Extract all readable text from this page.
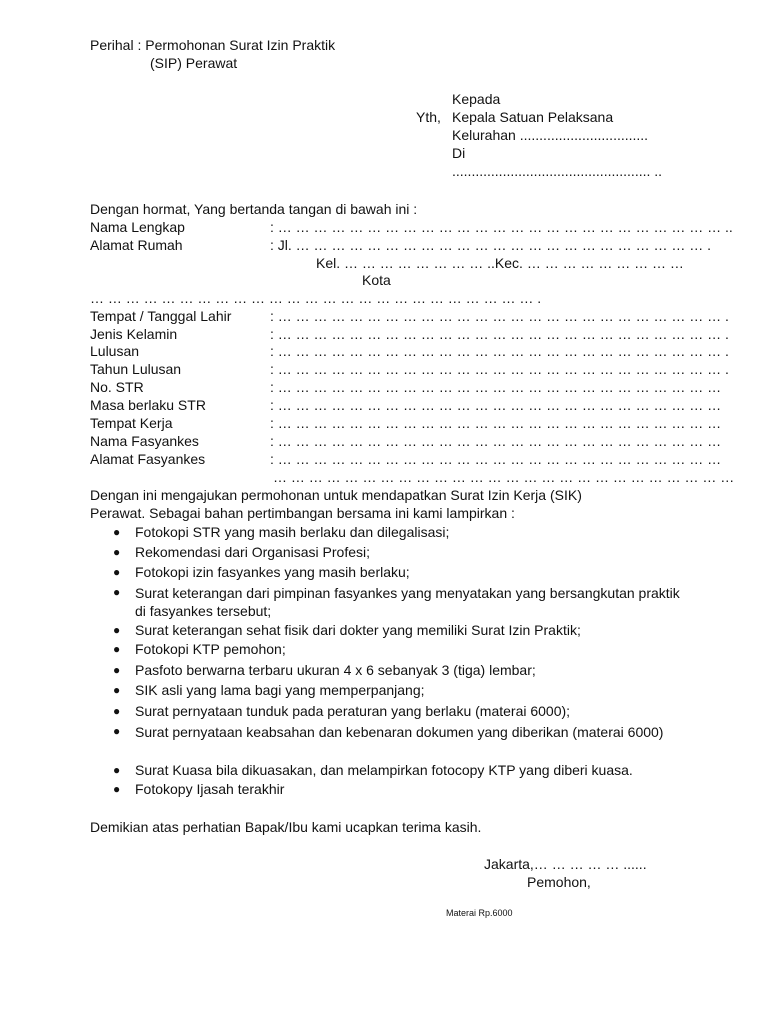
Perihal : Permohonan Surat Izin Praktik
(SIP) Perawat
Kepada
Yth, Kepala Satuan Pelaksana
Kelurahan .................................
Di
................................................... ..
Dengan hormat, Yang bertanda tangan di bawah ini :
Nama Lengkap	: … … … … … … … … … … … … … … … … … … … … … … … … … ..
Alamat Rumah	: Jl. … … … … … … … … … … … … … … … … … … … … … … … .
Kel. … … … … … … … … ..Kec. … … … … … … … … …
Kota
… … … … … … … … … … … … … … … … … … … … … … … … … .
Tempat / Tanggal Lahir	: … … … … … … … … … … … … … … … … … … … … … … … … … .
Jenis Kelamin	: … … … … … … … … … … … … … … … … … … … … … … … … … .
Lulusan	: … … … … … … … … … … … … … … … … … … … … … … … … … .
Tahun Lulusan	: … … … … … … … … … … … … … … … … … … … … … … … … … .
No. STR	: … … … … … … … … … … … … … … … … … … … … … … … … …
Masa berlaku STR	: … … … … … … … … … … … … … … … … … … … … … … … … …
Tempat Kerja	: … … … … … … … … … … … … … … … … … … … … … … … … …
Nama Fasyankes	: … … … … … … … … … … … … … … … … … … … … … … … … …
Alamat Fasyankes	: … … … … … … … … … … … … … … … … … … … … … … … … …
… … … … … … … … … … … … … … … … … … … … … … … … … …
Dengan ini mengajukan permohonan untuk mendapatkan Surat Izin Kerja (SIK)
Perawat. Sebagai bahan pertimbangan bersama ini kami lampirkan :
● Fotokopi STR yang masih berlaku dan dilegalisasi;
● Rekomendasi dari Organisasi Profesi;
● Fotokopi izin fasyankes yang masih berlaku;
● Surat keterangan dari pimpinan fasyankes yang menyatakan yang bersangkutan praktik di fasyankes tersebut;
● Surat keterangan sehat fisik dari dokter yang memiliki Surat Izin Praktik;
● Fotokopi KTP pemohon;
● Pasfoto berwarna terbaru ukuran 4 x 6 sebanyak 3 (tiga) lembar;
● SIK asli yang lama bagi yang memperpanjang;
● Surat pernyataan tunduk pada peraturan yang berlaku (materai 6000);
● Surat pernyataan keabsahan dan kebenaran dokumen yang diberikan (materai 6000)
● Surat Kuasa bila dikuasakan, dan melampirkan fotocopy KTP yang diberi kuasa.
● Fotokopy Ijasah terakhir
Demikian atas perhatian Bapak/Ibu kami ucapkan terima kasih.
Jakarta,… … … … … ......
Pemohon,
Materai Rp.6000
